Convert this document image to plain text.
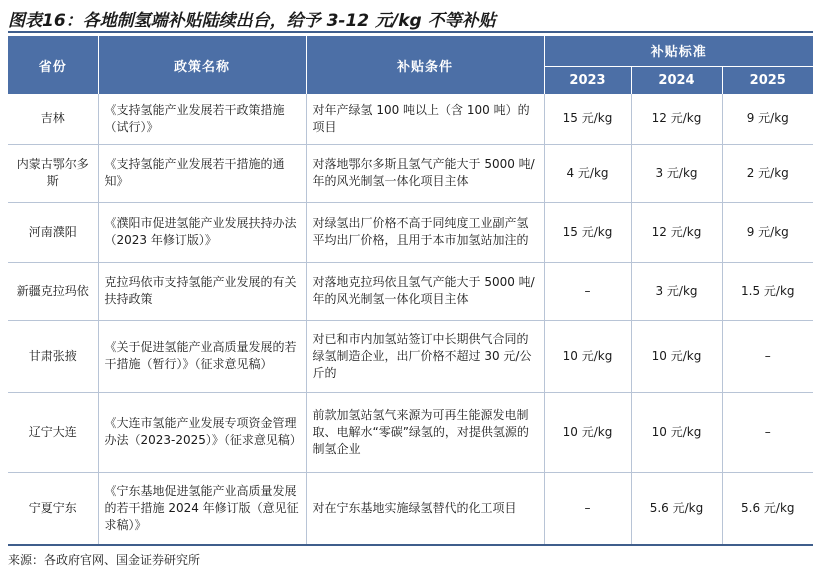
图表16：各地制氢端补贴陆续出台，给予 3-12 元/kg 不等补贴
省份	政策名称	补贴条件	补贴标准		
			2023	2024	2025
吉林	《支持氢能产业发展若干政策措施（试行）》	对年产绿氢 100 吨以上（含 100 吨）的项目	15 元/kg	12 元/kg	9 元/kg
内蒙古鄂尔多斯	《支持氢能产业发展若干措施的通知》	对落地鄂尔多斯且氢气产能大于 5000 吨/年的风光制氢一体化项目主体	4 元/kg	3 元/kg	2 元/kg
河南濮阳	《濮阳市促进氢能产业发展扶持办法（2023 年修订版）》	对绿氢出厂价格不高于同纯度工业副产氢平均出厂价格，且用于本市加氢站加注的	15 元/kg	12 元/kg	9 元/kg
新疆克拉玛依	克拉玛依市支持氢能产业发展的有关扶持政策	对落地克拉玛依且氢气产能大于 5000 吨/年的风光制氢一体化项目主体	–	3 元/kg	1.5 元/kg
甘肃张掖	《关于促进氢能产业高质量发展的若干措施（暂行）》（征求意见稿）	对已和市内加氢站签订中长期供气合同的绿氢制造企业，出厂价格不超过 30 元/公斤的	10 元/kg	10 元/kg	–
辽宁大连	《大连市氢能产业发展专项资金管理办法（2023-2025）》（征求意见稿）	前款加氢站氢气来源为可再生能源发电制取、电解水“零碳”绿氢的，对提供氢源的制氢企业	10 元/kg	10 元/kg	–
宁夏宁东	《宁东基地促进氢能产业高质量发展的若干措施 2024 年修订版（意见征求稿）》	对在宁东基地实施绿氢替代的化工项目	–	5.6 元/kg	5.6 元/kg
来源：各政府官网、国金证券研究所
